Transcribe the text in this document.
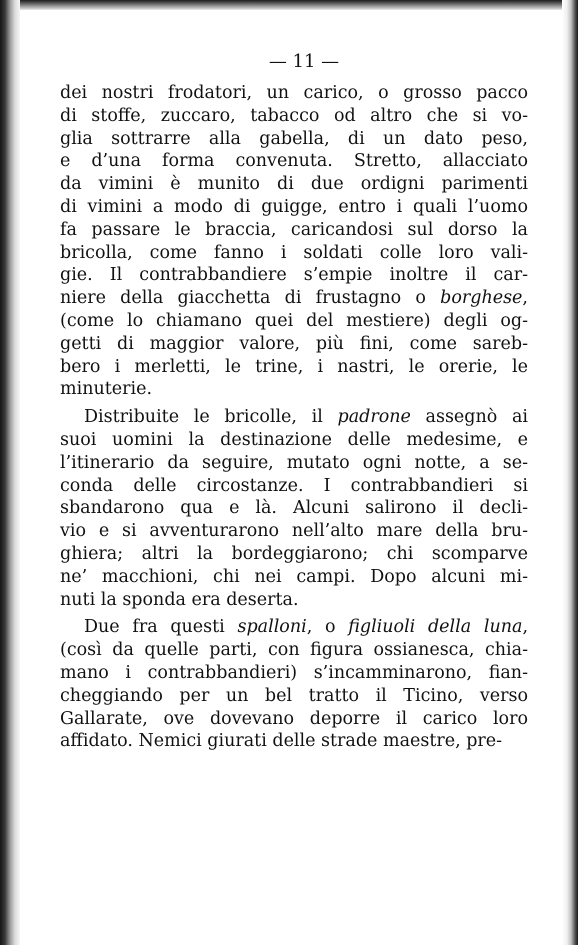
— 11 —
dei nostri frodatori, un carico, o grosso pacco
di stoffe, zuccaro, tabacco od altro che si vo-
glia sottrarre alla gabella, di un dato peso,
e d’una forma convenuta. Stretto, allacciato
da vimini è munito di due ordigni parimenti
di vimini a modo di guigge, entro i quali l’uomo
fa passare le braccia, caricandosi sul dorso la
bricolla, come fanno i soldati colle loro vali-
gie. Il contrabbandiere s’empie inoltre il car-
niere della giacchetta di frustagno o borghese,
(come lo chiamano quei del mestiere) degli og-
getti di maggior valore, più fini, come sareb-
bero i merletti, le trine, i nastri, le orerie, le
minuterie.
Distribuite le bricolle, il padrone assegnò ai
suoi uomini la destinazione delle medesime, e
l’itinerario da seguire, mutato ogni notte, a se-
conda delle circostanze. I contrabbandieri si
sbandarono qua e là. Alcuni salirono il decli-
vio e si avventurarono nell’alto mare della bru-
ghiera; altri la bordeggiarono; chi scomparve
ne’ macchioni, chi nei campi. Dopo alcuni mi-
nuti la sponda era deserta.
Due fra questi spalloni, o figliuoli della luna,
(così da quelle parti, con figura ossianesca, chia-
mano i contrabbandieri) s’incamminarono, fian-
cheggiando per un bel tratto il Ticino, verso
Gallarate, ove dovevano deporre il carico loro
affidato. Nemici giurati delle strade maestre, pre-
